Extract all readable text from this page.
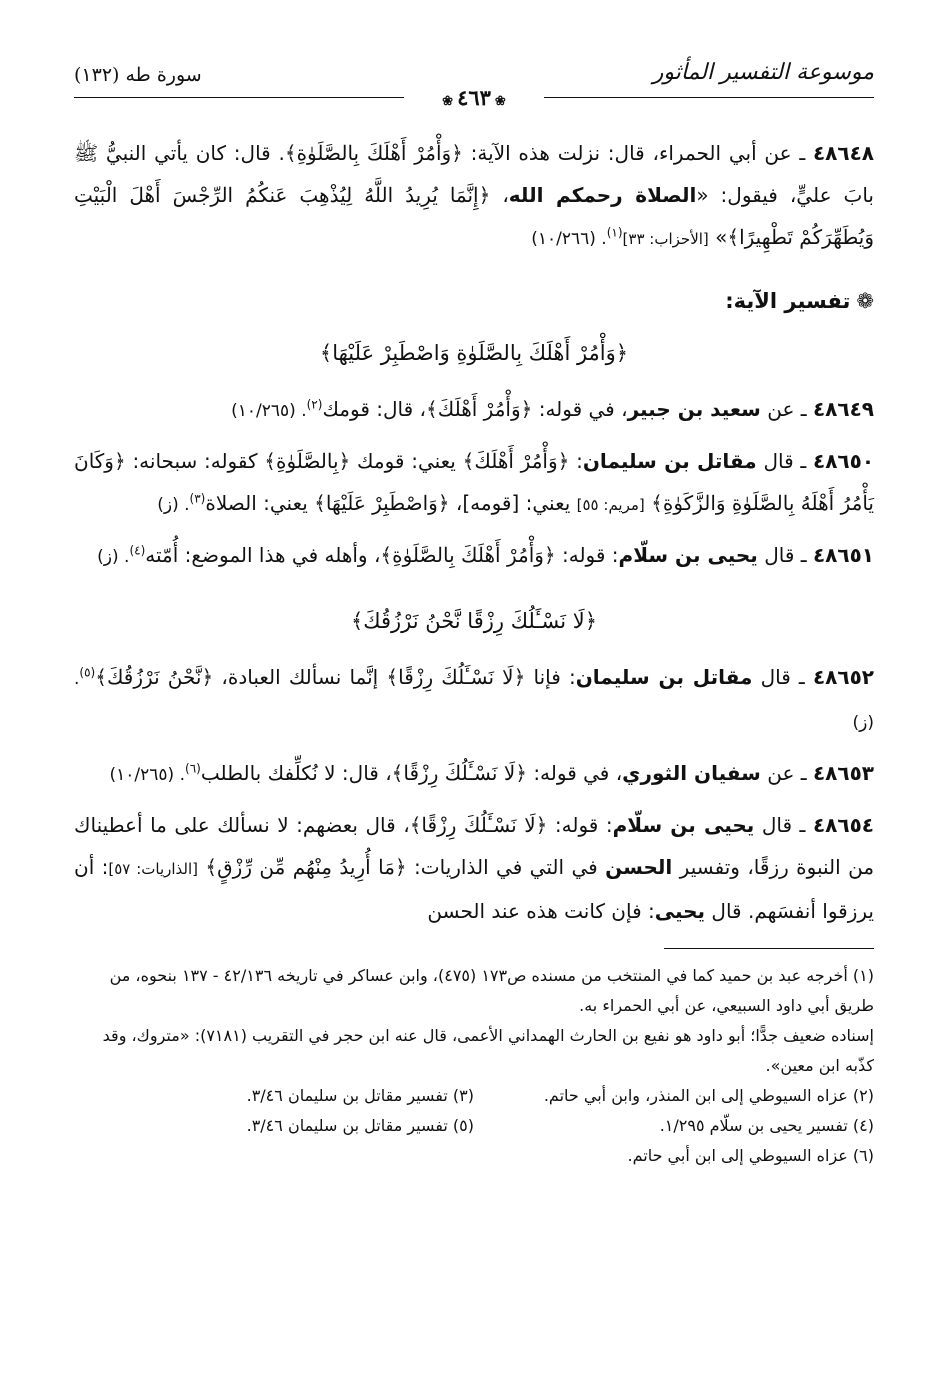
موسوعة التفسير المأثور
سورة طه (١٣٢)
❀٤٦٣❀

٤٨٦٤٨ ـ عن أبي الحمراء، قال: نزلت هذه الآية: ﴿وَأْمُرْ أَهْلَكَ بِالصَّلَوٰةِ﴾. قال: كان يأتي النبيُّ ﷺ بابَ عليٍّ، فيقول: «الصلاة رحمكم الله، ﴿إِنَّمَا يُرِيدُ اللَّهُ لِيُذْهِبَ عَنكُمُ الرِّجْسَ أَهْلَ الْبَيْتِ وَيُطَهِّرَكُمْ تَطْهِيرًا﴾» [الأحزاب: ٣٣]$^{(١)}$. (١٠/٢٦٦)

❁تفسير الآية:
﴿وَأْمُرْ أَهْلَكَ بِالصَّلَوٰةِ وَاصْطَبِرْ عَلَيْهَا﴾

٤٨٦٤٩ ـ عن سعيد بن جبير، في قوله: ﴿وَأْمُرْ أَهْلَكَ﴾، قال: قومك$^{(٢)}$. (١٠/٢٦٥)

٤٨٦٥٠ ـ قال مقاتل بن سليمان: ﴿وَأْمُرْ أَهْلَكَ﴾ يعني: قومك ﴿بِالصَّلَوٰةِ﴾ كقوله: سبحانه: ﴿وَكَانَ يَأْمُرُ أَهْلَهُ بِالصَّلَوٰةِ وَالزَّكَوٰةِ﴾ [مريم: ٥٥] يعني: [قومه]، ﴿وَاصْطَبِرْ عَلَيْهَا﴾ يعني: الصلاة$^{(٣)}$. (ز)

٤٨٦٥١ ـ قال يحيى بن سلّام: قوله: ﴿وَأْمُرْ أَهْلَكَ بِالصَّلَوٰةِ﴾، وأهله في هذا الموضع: أُمّته$^{(٤)}$. (ز)

﴿لَا نَسْـَٔلُكَ رِزْقًا نَّحْنُ نَرْزُقُكَ﴾

٤٨٦٥٢ ـ قال مقاتل بن سليمان: فإنا ﴿لَا نَسْـَٔلُكَ رِزْقًا﴾ إنَّما نسألك العبادة، ﴿نَّحْنُ نَرْزُقُكَ﴾$^{(٥)}$. (ز)

٤٨٦٥٣ ـ عن سفيان الثوري، في قوله: ﴿لَا نَسْـَٔلُكَ رِزْقًا﴾، قال: لا نُكلِّفك بالطلب$^{(٦)}$. (١٠/٢٦٥)

٤٨٦٥٤ ـ قال يحيى بن سلّام: قوله: ﴿لَا نَسْـَٔلُكَ رِزْقًا﴾، قال بعضهم: لا نسألك على ما أعطيناك من النبوة رزقًا، وتفسير الحسن في التي في الذاريات: ﴿مَا أُرِيدُ مِنْهُم مِّن رِّزْقٍ﴾ [الذاريات: ٥٧]: أن يرزقوا أنفسَهم. قال يحيى: فإن كانت هذه عند الحسن

(١) أخرجه عبد بن حميد كما في المنتخب من مسنده ص١٧٣ (٤٧٥)، وابن عساكر في تاريخه ٤٢/١٣٦ - ١٣٧ بنحوه، من طريق أبي داود السبيعي، عن أبي الحمراء به.

إسناده ضعيف جدًّا؛ أبو داود هو نفيع بن الحارث الهمداني الأعمى، قال عنه ابن حجر في التقريب (٧١٨١): «متروك، وقد كذّبه ابن معين».

(٢) عزاه السيوطي إلى ابن المنذر، وابن أبي حاتم.

(٣) تفسير مقاتل بن سليمان ٣/٤٦.

(٤) تفسير يحيى بن سلّام ١/٢٩٥.

(٥) تفسير مقاتل بن سليمان ٣/٤٦.

(٦) عزاه السيوطي إلى ابن أبي حاتم.
